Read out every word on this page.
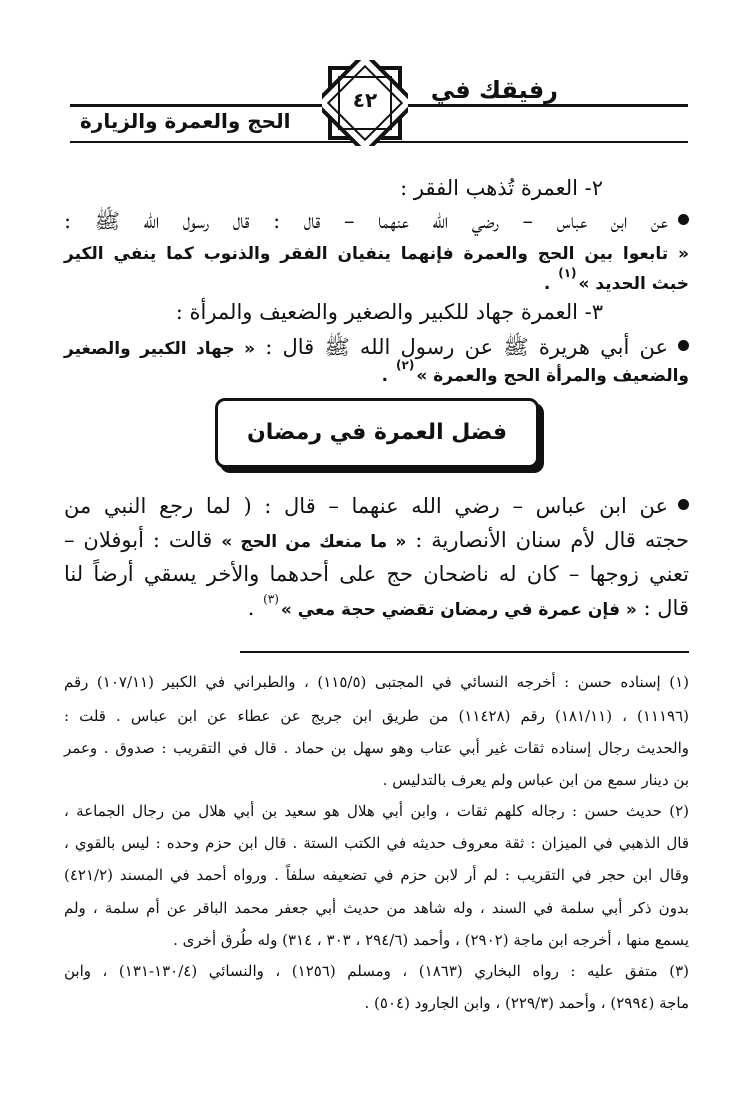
رفيقك في
الحج والعمرة والزيارة
٤٢
٢- العمرة تُذهب الفقر :
عن ابن عباس – رضي الله عنهما – قال : قال رسول الله ﷺ :
« تابعوا بين الحج والعمرة فإنهما ينفيان الفقر والذنوب كما ينفي الكير
خبث الحديد »$^{(١)}$ .
٣- العمرة جهاد للكبير والصغير والضعيف والمرأة :
عن أبي هريرة ﷺ عن رسول الله ﷺ قال : « جهاد الكبير والصغير
والضعيف والمرأة الحج والعمرة »$^{(٢)}$ .
فضل العمرة في رمضان
عن ابن عباس – رضي الله عنهما – قال : ( لما رجع النبي من
حجته قال لأم سنان الأنصارية : « ما منعك من الحج » قالت : أبوفلان –
تعني زوجها – كان له ناضحان حج على أحدهما والأخر يسقي أرضاً لنا
قال : « فإن عمرة في رمضان تقضي حجة معي »$^{(٣)}$ .
(١) إسناده حسن : أخرجه النسائي في المجتبى (١١٥/٥) ، والطبراني في الكبير (١٠٧/١١) رقم
(١١١٩٦) ، (١٨١/١١) رقم (١١٤٢٨) من طريق ابن جريج عن عطاء عن ابن عباس . قلت :
والحديث رجال إسناده ثقات غير أبي عتاب وهو سهل بن حماد . قال في التقريب : صدوق . وعمر
بن دينار سمع من ابن عباس ولم يعرف بالتدليس .
(٢) حديث حسن : رجاله كلهم ثقات ، وابن أبي هلال هو سعيد بن أبي هلال من رجال الجماعة ،
قال الذهبي في الميزان : ثقة معروف حديثه في الكتب الستة . قال ابن حزم وحده : ليس بالقوي ،
وقال ابن حجر في التقريب : لم أر لابن حزم في تضعيفه سلفاً . ورواه أحمد في المسند (٤٢١/٢)
بدون ذكر أبي سلمة في السند ، وله شاهد من حديث أبي جعفر محمد الباقر عن أم سلمة ، ولم
يسمع منها ، أخرجه ابن ماجة (٢٩٠٢) ، وأحمد (٢٩٤/٦ ، ٣٠٣ ، ٣١٤) وله طُرق أخرى .
(٣) متفق عليه : رواه البخاري (١٨٦٣) ، ومسلم (١٢٥٦) ، والنسائي (١٣٠/٤-١٣١) ، وابن
ماجة (٢٩٩٤) ، وأحمد (٢٢٩/٣) ، وابن الجارود (٥٠٤) .
